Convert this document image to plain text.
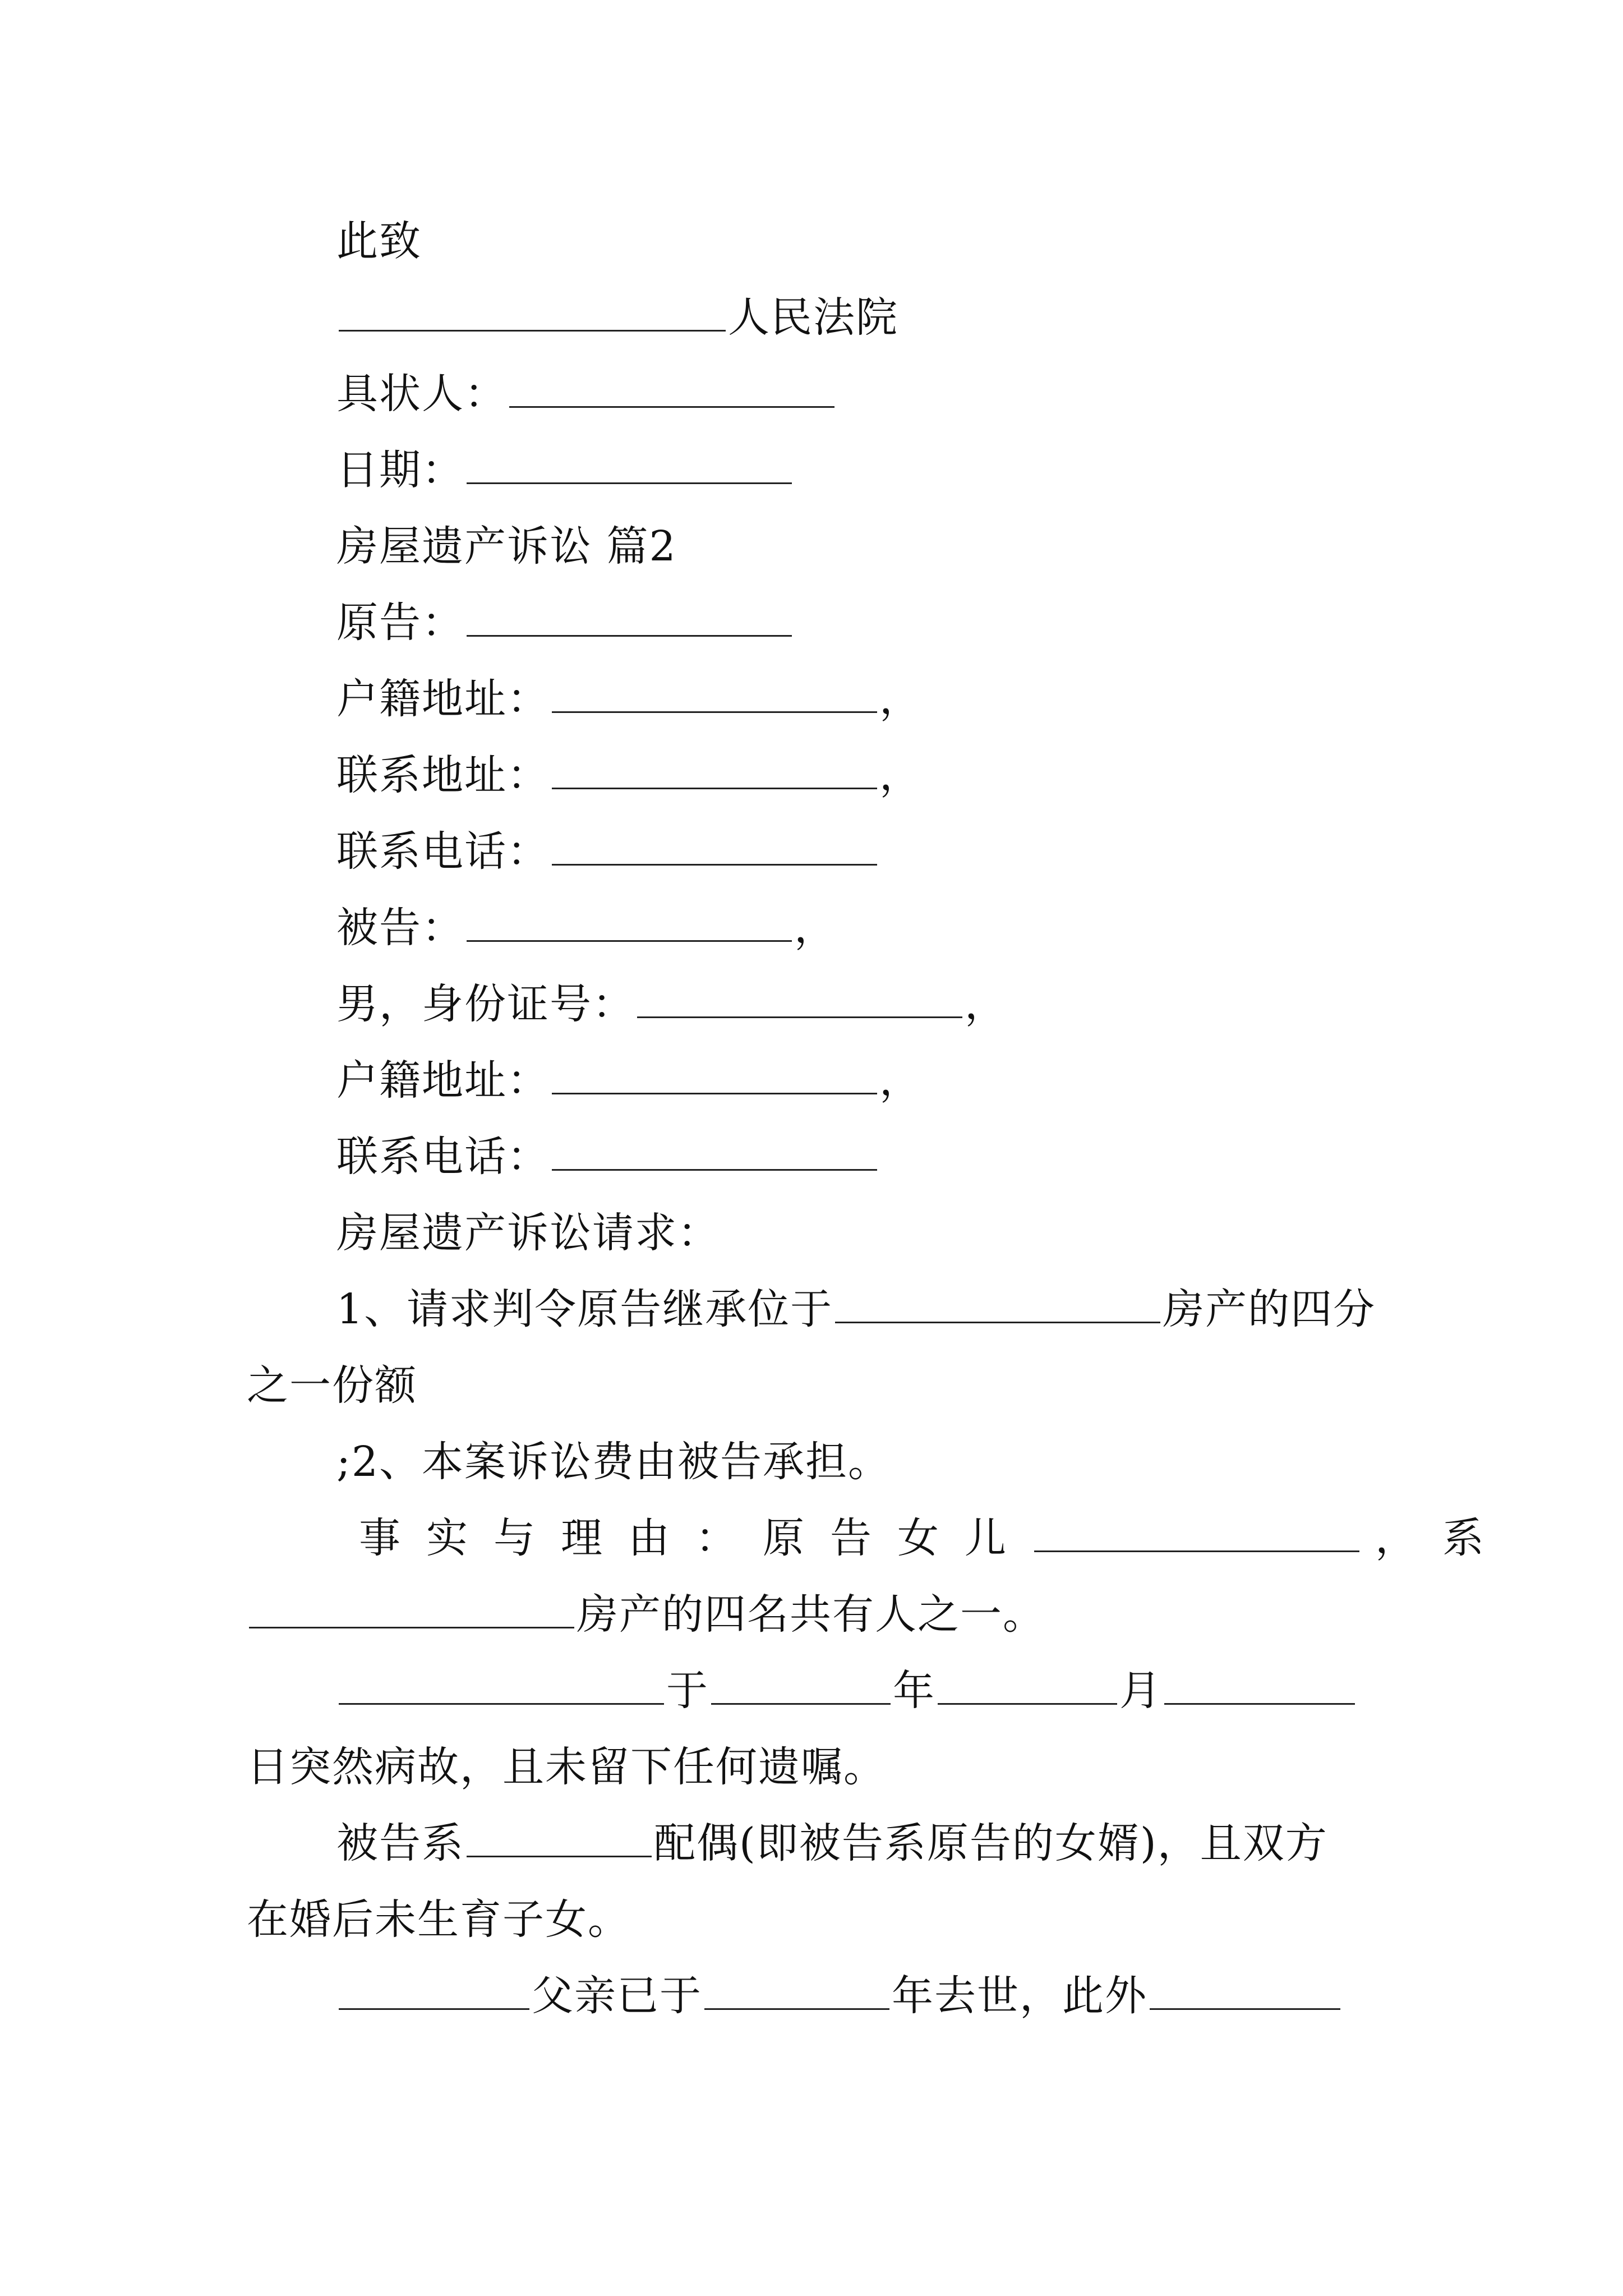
此致
人民法院
具状人：
日期：
房屋遗产诉讼 篇2
原告：
户籍地址：	，
联系地址：	，
联系电话：
被告：	，
男，身份证号：	，
户籍地址：	，
联系电话：
房屋遗产诉讼请求：
1、请求判令原告继承位于	房产的四分
之一份额
;2、本案诉讼费由被告承担。
事实与理由：原告女儿	，系
房产的四名共有人之一。
于	年	月
日突然病故，且未留下任何遗嘱。
被告系	配偶(即被告系原告的女婿)，且双方
在婚后未生育子女。
父亲已于	年去世，此外
